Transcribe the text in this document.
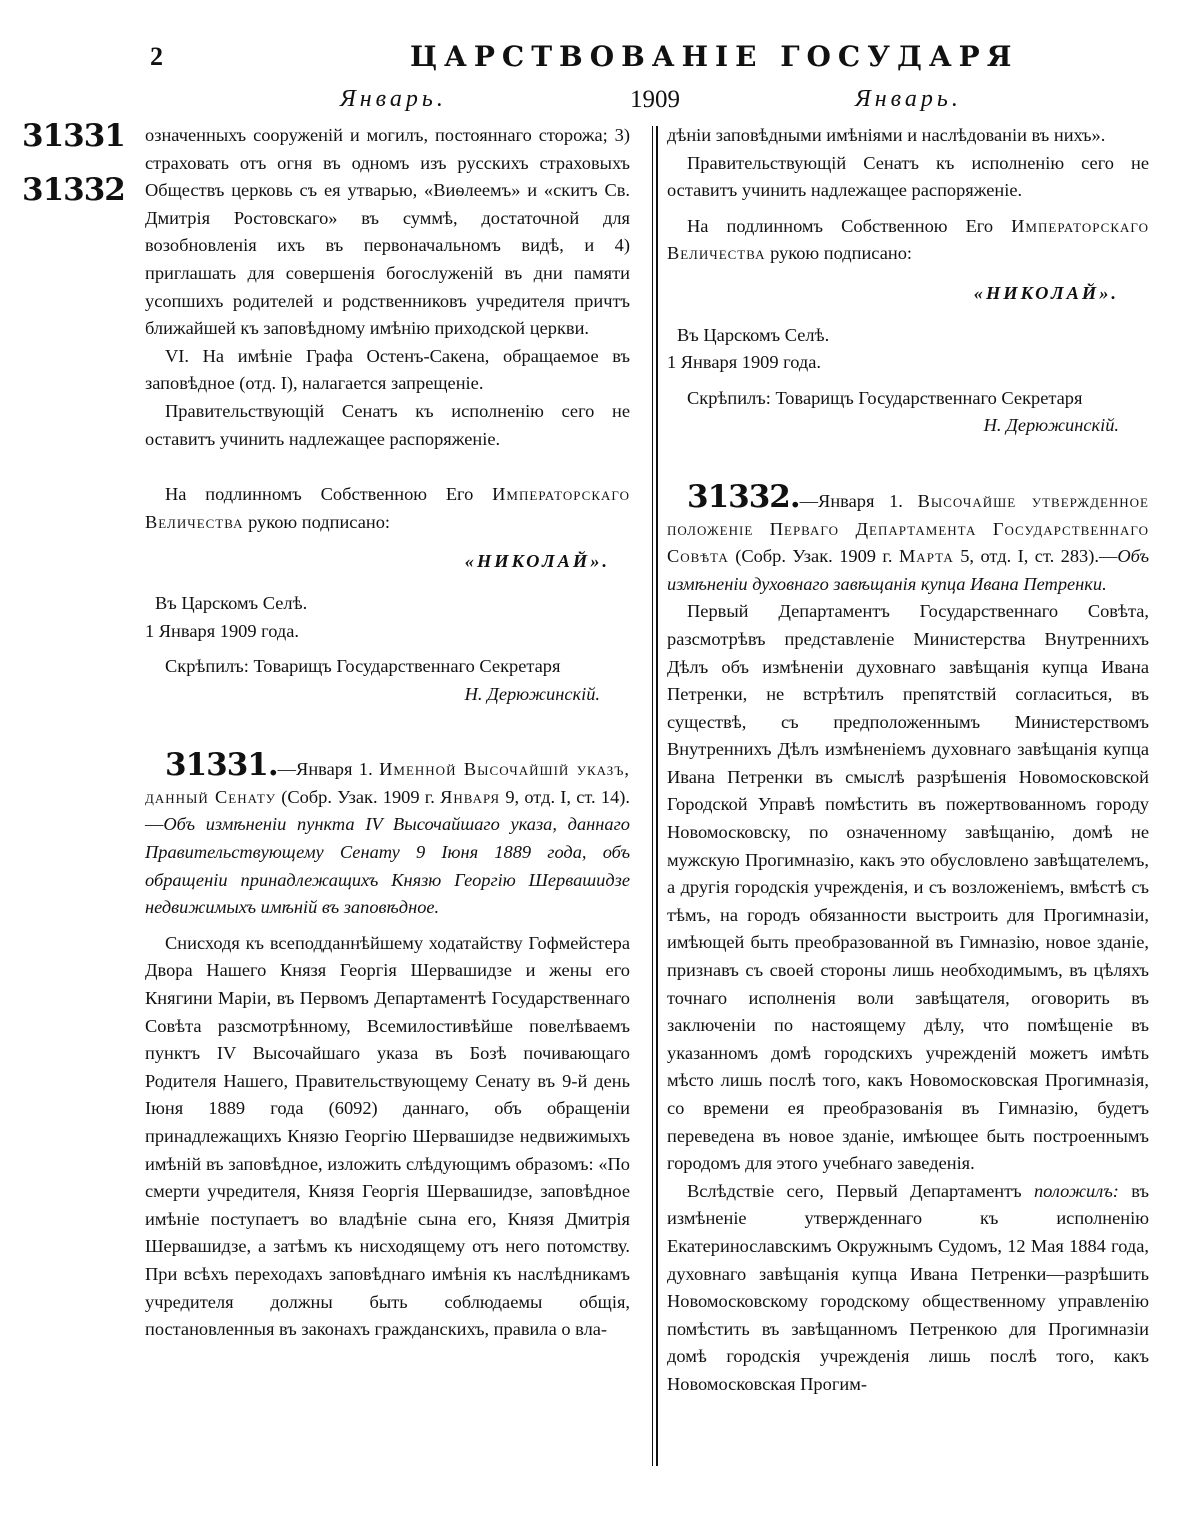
2	ЦАРСТВОВАНІЕ ГОСУДАРЯ
Январь.	1909	Январь.
31331
31332

означенныхъ сооруженій и могилъ, постояннаго сторожа; 3) страховать отъ огня въ одномъ изъ русскихъ страховыхъ Обществъ церковь съ ея утварью, «Виѳлеемъ» и «скитъ Св. Дмитрія Ростовскаго» въ суммѣ, достаточной для возобновленія ихъ въ первоначальномъ видѣ, и 4) приглашать для совершенія богослуженій въ дни памяти усопшихъ родителей и родственниковъ учредителя причтъ ближайшей къ заповѣдному имѣнію приходской церкви.

VI. На имѣніе Графа Остенъ-Сакена, обращаемое въ заповѣдное (отд. I), налагается запрещеніе.

Правительствующій Сенатъ къ исполненію сего не оставитъ учинить надлежащее распоряженіе.

На подлинномъ Собственною Его Императорскаго Величества рукою подписано:

«НИКОЛАЙ».

Въ Царскомъ Селѣ.

1 Января 1909 года.

Скрѣпилъ: Товарищъ Государственнаго Секретаря

Н. Дерюжинскій.

31331.—Января 1. Именной Высочайшій указъ, данный Сенату (Собр. Узак. 1909 г. Января 9, отд. I, ст. 14).—Объ измѣненіи пункта IV Высочайшаго указа, даннаго Правительствующему Сенату 9 Іюня 1889 года, объ обращеніи принадлежащихъ Князю Георгію Шервашидзе недвижимыхъ имѣній въ заповѣдное.

Снисходя къ всеподданнѣйшему ходатайству Гофмейстера Двора Нашего Князя Георгія Шервашидзе и жены его Княгини Маріи, въ Первомъ Департаментѣ Государственнаго Совѣта разсмотрѣнному, Всемилостивѣйше повелѣваемъ пунктъ IV Высочайшаго указа въ Бозѣ почивающаго Родителя Нашего, Правительствующему Сенату въ 9-й день Іюня 1889 года (6092) даннаго, объ обращеніи принадлежащихъ Князю Георгію Шервашидзе недвижимыхъ имѣній въ заповѣдное, изложить слѣдующимъ образомъ: «По смерти учредителя, Князя Георгія Шервашидзе, заповѣдное имѣніе поступаетъ во владѣніе сына его, Князя Дмитрія Шервашидзе, а затѣмъ къ нисходящему отъ него потомству. При всѣхъ переходахъ заповѣднаго имѣнія къ наслѣдникамъ учредителя должны быть соблюдаемы общія, постановленныя въ законахъ гражданскихъ, правила о вла-

дѣніи заповѣдными имѣніями и наслѣдованіи въ нихъ».

Правительствующій Сенатъ къ исполненію сего не оставитъ учинить надлежащее распоряженіе.

На подлинномъ Собственною Его Императорскаго Величества рукою подписано:

«НИКОЛАЙ».

Въ Царскомъ Селѣ.

1 Января 1909 года.

Скрѣпилъ: Товарищъ Государственнаго Секретаря

Н. Дерюжинскій.

31332.—Января 1. Высочайше утвержденное положеніе Перваго Департамента Государственнаго Совѣта (Собр. Узак. 1909 г. Марта 5, отд. I, ст. 283).—Объ измѣненіи духовнаго завѣщанія купца Ивана Петренки.

Первый Департаментъ Государственнаго Совѣта, разсмотрѣвъ представленіе Министерства Внутреннихъ Дѣлъ объ измѣненіи духовнаго завѣщанія купца Ивана Петренки, не встрѣтилъ препятствій согласиться, въ существѣ, съ предположеннымъ Министерствомъ Внутреннихъ Дѣлъ измѣненіемъ духовнаго завѣщанія купца Ивана Петренки въ смыслѣ разрѣшенія Новомосковской Городской Управѣ помѣстить въ пожертвованномъ городу Новомосковску, по означенному завѣщанію, домѣ не мужскую Прогимназію, какъ это обусловлено завѣщателемъ, а другія городскія учрежденія, и съ возложеніемъ, вмѣстѣ съ тѣмъ, на городъ обязанности выстроить для Прогимназіи, имѣющей быть преобразованной въ Гимназію, новое зданіе, признавъ съ своей стороны лишь необходимымъ, въ цѣляхъ точнаго исполненія воли завѣщателя, оговорить въ заключеніи по настоящему дѣлу, что помѣщеніе въ указанномъ домѣ городскихъ учрежденій можетъ имѣть мѣсто лишь послѣ того, какъ Новомосковская Прогимназія, со времени ея преобразованія въ Гимназію, будетъ переведена въ новое зданіе, имѣющее быть построеннымъ городомъ для этого учебнаго заведенія.

Вслѣдствіе сего, Первый Департаментъ положилъ: въ измѣненіе утвержденнаго къ исполненію Екатеринославскимъ Окружнымъ Судомъ, 12 Мая 1884 года, духовнаго завѣщанія купца Ивана Петренки—разрѣшить Новомосковскому городскому общественному управленію помѣстить въ завѣщанномъ Петренкою для Прогимназіи домѣ городскія учрежденія лишь послѣ того, какъ Новомосковская Прогим-
